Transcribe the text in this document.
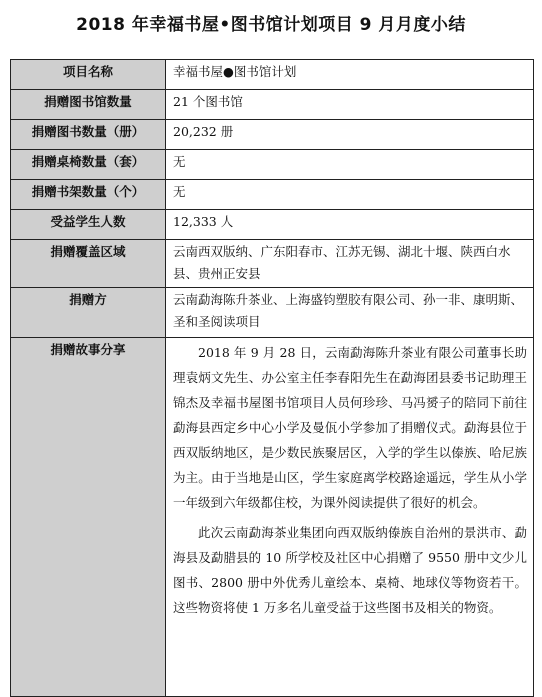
2018 年幸福书屋•图书馆计划项目 9 月月度小结
项目名称	幸福书屋●图书馆计划
捐赠图书馆数量	21 个图书馆
捐赠图书数量（册）	20,232 册
捐赠桌椅数量（套）	无
捐赠书架数量（个）	无
受益学生人数	12,333 人
捐赠覆盖区域	云南西双版纳、广东阳春市、江苏无锡、湖北十堰、陕西白水县、贵州正安县
捐赠方	云南勐海陈升茶业、上海盛钧塑胶有限公司、孙一非、康明斯、圣和圣阅读项目
捐赠故事分享	2018 年 9 月 28 日，云南勐海陈升茶业有限公司董事长助理袁炳文先生、办公室主任李春阳先生在勐海团县委书记助理王锦杰及幸福书屋图书馆项目人员何珍珍、马冯赟子的陪同下前往勐海县西定乡中心小学及曼佤小学参加了捐赠仪式。勐海县位于西双版纳地区，是少数民族聚居区，入学的学生以傣族、哈尼族为主。由于当地是山区，学生家庭离学校路途遥远，学生从小学一年级到六年级都住校，为课外阅读提供了很好的机会。

此次云南勐海茶业集团向西双版纳傣族自治州的景洪市、勐海县及勐腊县的 10 所学校及社区中心捐赠了 9550 册中文少儿图书、2800 册中外优秀儿童绘本、桌椅、地球仪等物资若干。这些物资将使 1 万多名儿童受益于这些图书及相关的物资。
